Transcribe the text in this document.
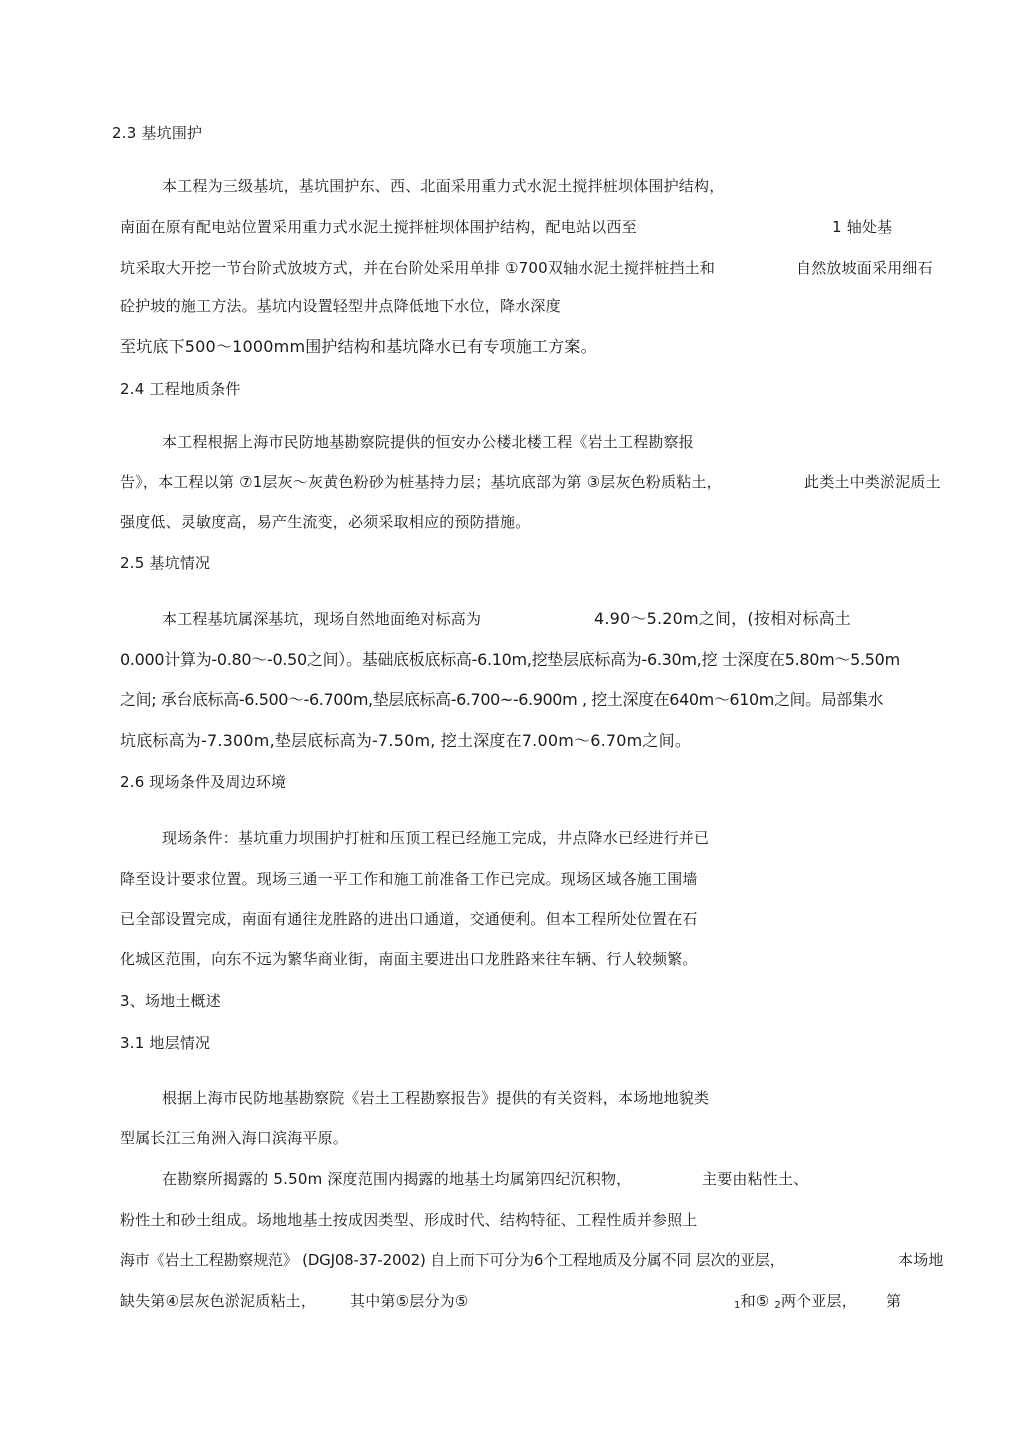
2.3 基坑围护
本工程为三级基坑，基坑围护东、西、北面采用重力式水泥土搅拌桩坝体围护结构，
南面在原有配电站位置采用重力式水泥土搅拌桩坝体围护结构，配电站以西至	1 轴处基
坑采取大开挖一节台阶式放坡方式，并在台阶处采用单排 ①700双轴水泥土搅拌桩挡土和	自然放坡面采用细石
砼护坡的施工方法。基坑内设置轻型井点降低地下水位，降水深度
至坑底下500〜1000mm围护结构和基坑降水已有专项施工方案。
2.4 工程地质条件
本工程根据上海市民防地基勘察院提供的恒安办公楼北楼工程《岩土工程勘察报
告》，本工程以第 ⑦1层灰〜灰黄色粉砂为桩基持力层；基坑底部为第 ③层灰色粉质粘土，	此类土中类淤泥质土
强度低、灵敏度高，易产生流变，必须采取相应的预防措施。
2.5 基坑情况
本工程基坑属深基坑，现场自然地面绝对标高为	4.90〜5.20m之间，(按相对标高土
0.000计算为-0.80〜-0.50之间）。基础底板底标高-6.10m,挖垫层底标高为-6.30m,挖 士深度在5.80m〜5.50m
之间; 承台底标高-6.500〜-6.700m,垫层底标高-6.700~-6.900m , 挖土深度在640m〜610m之间。局部集水
坑底标高为-7.300m,垫层底标高为-7.50m, 挖土深度在7.00m〜6.70m之间。
2.6 现场条件及周边环境
现场条件：基坑重力坝围护打桩和压顶工程已经施工完成，井点降水已经进行并已
降至设计要求位置。现场三通一平工作和施工前准备工作已完成。现场区域各施工围墙
已全部设置完成，南面有通往龙胜路的进出口通道，交通便利。但本工程所处位置在石
化城区范围，向东不远为繁华商业街，南面主要进出口龙胜路来往车辆、行人较频繁。
3、场地土概述
3.1 地层情况
根据上海市民防地基勘察院《岩土工程勘察报告》提供的有关资料，本场地地貌类
型属长江三角洲入海口滨海平原。
在勘察所揭露的 5.50m 深度范围内揭露的地基土均属第四纪沉积物，	主要由粘性土、
粉性土和砂土组成。场地地基土按成因类型、形成时代、结构特征、工程性质并参照上
海市《岩土工程勘察规范》 (DGJ08-37-2002) 自上而下可分为6个工程地质及分属不同 层次的亚层，	本场地
缺失第④层灰色淤泥质粘土， 其中第⑤层分为⑤	$_1$和⑤ $_2$两个亚层， 第
